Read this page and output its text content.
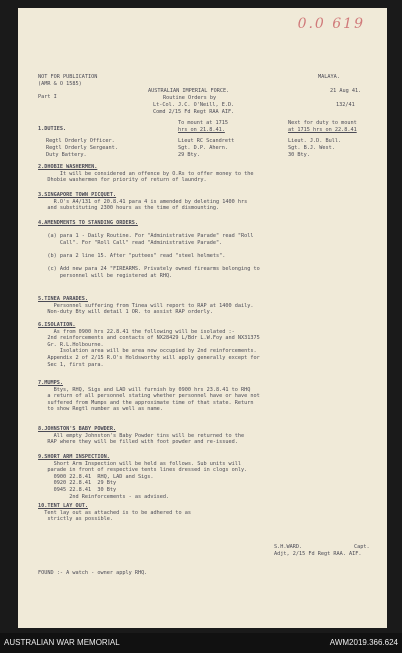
0.0 619
NOT FOR PUBLICATION
(AMR & O 1585)
Part I
MALAYA.
21 Aug 41.
132/41
AUSTRALIAN IMPERIAL FORCE.
Routine Orders by
Lt-Col. J.C. O'Neill, E.D.
Comd 2/15 Fd Regt RAA AIF.
1.DUTIES.
To mount at 1715
hrs on 21.8.41.
Next for duty to mount
at 1715 hrs on 22.8.41
Regtl Orderly Officer.	Lieut RC Scandrett	Lieut. J.D. Bull.
Regtl Orderly Sergeant.	Sgt. D.P. Ahern.	Sgt. B.J. West.
Duty Battery.	29 Bty.	30 Bty.
2.DHOBIE WASHERMEN.
It will be considered an offence by O.Rs to offer money to the
Dhobie washermen for priority of return of laundry.
3.SINGAPORE TOWN PICQUET.
R.O's A4/131 of 20.8.41 para 4 is amended by deleting 1400 hrs
and substituting 2300 hours as the time of dismounting.
4.AMENDMENTS TO STANDING ORDERS.

(a) para 1 - Daily Routine. For "Administrative Parade" read "Roll
Call". For "Roll Call" read "Administrative Parade".

(b) para 2 line 15. After "puttees" read "steel helmets".

(c) Add new para 24 "FIREARMS. Privately owned firearms belonging to
personnel will be registered at RHQ.
5.TINEA PARADES.
Personnel suffering from Tinea will report to RAP at 1400 daily.
Non-duty Bty will detail 1 OR. to assist RAP orderly.
6.ISOLATION.
As from 0900 hrs 22.8.41 the following will be isolated :-
2nd reinforcements and contacts of NX28429 L/Bdr L.W.Foy and NX31375
Gr. R.L.Holbourne.
Isolation area will be area now occupied by 2nd reinforcements.
Appendix 2 of 2/15 R.O's Holdsworthy will apply generally except for
Sec 1, first para.
7.MUMPS.
Btys, RHQ, Sigs and LAD will furnish by 0900 hrs 23.8.41 to RHQ
a return of all personnel stating whether personnel have or have not
suffered from Mumps and the approximate time of that state. Return
to show Regtl number as well as name.
8.JOHNSTON'S BABY POWDER.
All empty Johnston's Baby Powder tins will be returned to the
RAP where they will be filled with foot powder and re-issued.
9.SHORT ARM INSPECTION.
Short Arm Inspection will be held as follows. Sub units will
parade in front of respective tents lines dressed in clogs only.
0900 22.8.41  RHQ, LAD and Sigs.
0920 22.8.41  29 Bty
0945 22.8.41  30 Bty
2nd Reinforcements - as advised.
10.TENT LAY OUT.
Tent lay out as attached is to be adhered to as
strictly as possible.
S.H.WARD.	Capt.
Adjt, 2/15 Fd Regt RAA. AIF.
FOUND :- A watch - owner apply RHQ.
AUSTRALIAN WAR MEMORIAL	AWM2019.366.624
